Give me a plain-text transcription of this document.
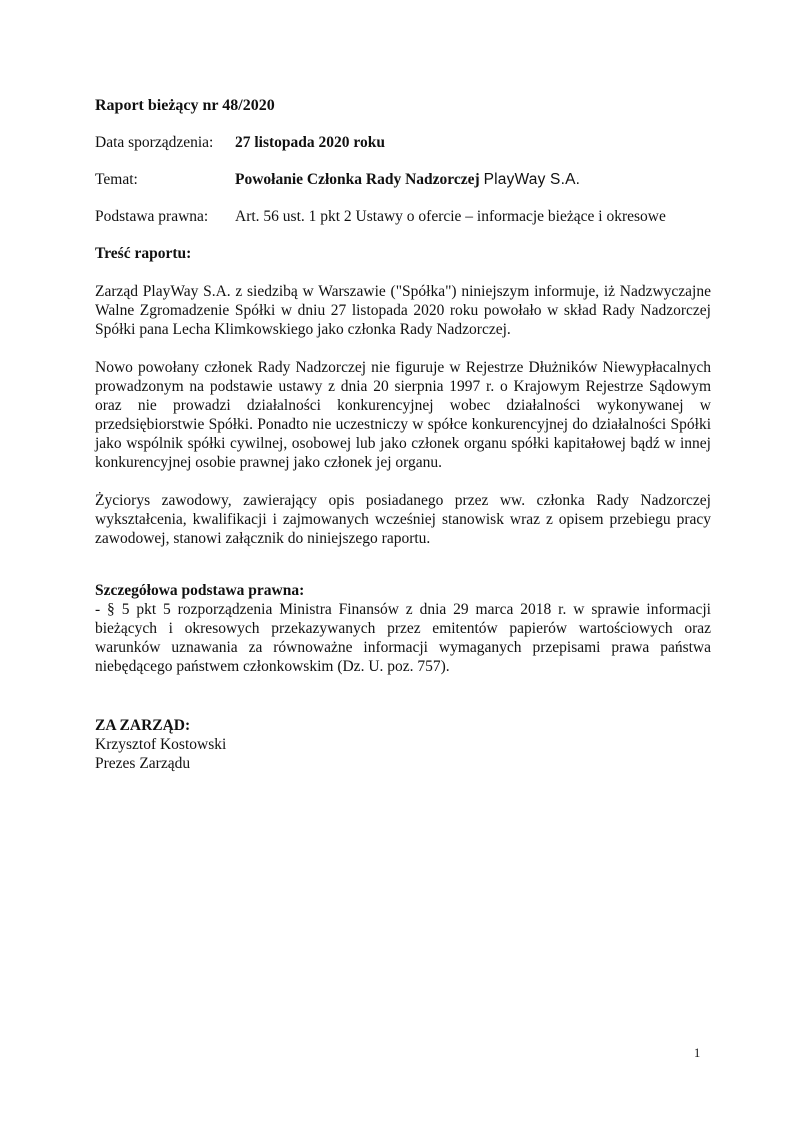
Raport bieżący nr 48/2020
Data sporządzenia:	27 listopada 2020 roku
Temat:	Powołanie Członka Rady Nadzorczej PlayWay S.A.
Podstawa prawna:	Art. 56 ust. 1 pkt 2 Ustawy o ofercie – informacje bieżące i okresowe
Treść raportu:

Zarząd PlayWay S.A. z siedzibą w Warszawie ("Spółka") niniejszym informuje, iż Nadzwyczajne Walne Zgromadzenie Spółki w dniu 27 listopada 2020 roku powołało w skład Rady Nadzorczej Spółki pana Lecha Klimkowskiego jako członka Rady Nadzorczej.

Nowo powołany członek Rady Nadzorczej nie figuruje w Rejestrze Dłużników Niewypłacalnych prowadzonym na podstawie ustawy z dnia 20 sierpnia 1997 r. o Krajowym Rejestrze Sądowym oraz nie prowadzi działalności konkurencyjnej wobec działalności wykonywanej w przedsiębiorstwie Spółki. Ponadto nie uczestniczy w spółce konkurencyjnej do działalności Spółki jako wspólnik spółki cywilnej, osobowej lub jako członek organu spółki kapitałowej bądź w innej konkurencyjnej osobie prawnej jako członek jej organu.

Życiorys zawodowy, zawierający opis posiadanego przez ww. członka Rady Nadzorczej wykształcenia, kwalifikacji i zajmowanych wcześniej stanowisk wraz z opisem przebiegu pracy zawodowej, stanowi załącznik do niniejszego raportu.

Szczegółowa podstawa prawna:

- § 5 pkt 5 rozporządzenia Ministra Finansów z dnia 29 marca 2018 r. w sprawie informacji bieżących i okresowych przekazywanych przez emitentów papierów wartościowych oraz warunków uznawania za równoważne informacji wymaganych przepisami prawa państwa niebędącego państwem członkowskim (Dz. U. poz. 757).

ZA ZARZĄD:
Krzysztof Kostowski
Prezes Zarządu
1
